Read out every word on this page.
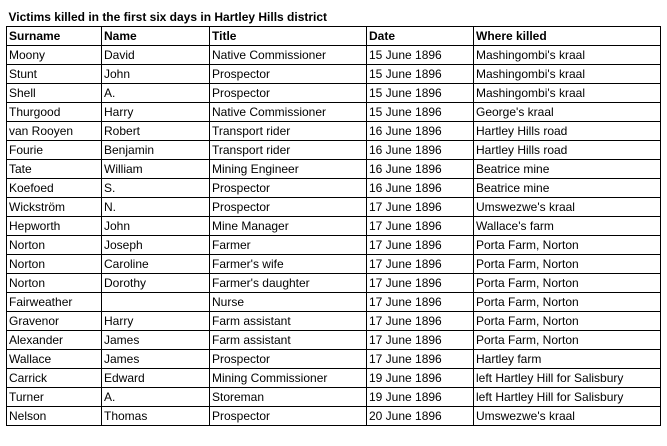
Victims killed in the first six days in Hartley Hills district				
Surname	Name	Title	Date	Where killed
Moony	David	Native Commissioner	15 June 1896	Mashingombi's kraal
Stunt	John	Prospector	15 June 1896	Mashingombi's kraal
Shell	A.	Prospector	15 June 1896	Mashingombi's kraal
Thurgood	Harry	Native Commissioner	15 June 1896	George's kraal
van Rooyen	Robert	Transport rider	16 June 1896	Hartley Hills road
Fourie	Benjamin	Transport rider	16 June 1896	Hartley Hills road
Tate	William	Mining Engineer	16 June 1896	Beatrice mine
Koefoed	S.	Prospector	16 June 1896	Beatrice mine
Wickström	N.	Prospector	17 June 1896	Umswezwe's kraal
Hepworth	John	Mine Manager	17 June 1896	Wallace's farm
Norton	Joseph	Farmer	17 June 1896	Porta Farm, Norton
Norton	Caroline	Farmer's wife	17 June 1896	Porta Farm, Norton
Norton	Dorothy	Farmer's daughter	17 June 1896	Porta Farm, Norton
Fairweather		Nurse	17 June 1896	Porta Farm, Norton
Gravenor	Harry	Farm assistant	17 June 1896	Porta Farm, Norton
Alexander	James	Farm assistant	17 June 1896	Porta Farm, Norton
Wallace	James	Prospector	17 June 1896	Hartley farm
Carrick	Edward	Mining Commissioner	19 June 1896	left Hartley Hill for Salisbury
Turner	A.	Storeman	19 June 1896	left Hartley Hill for Salisbury
Nelson	Thomas	Prospector	20 June 1896	Umswezwe's kraal
